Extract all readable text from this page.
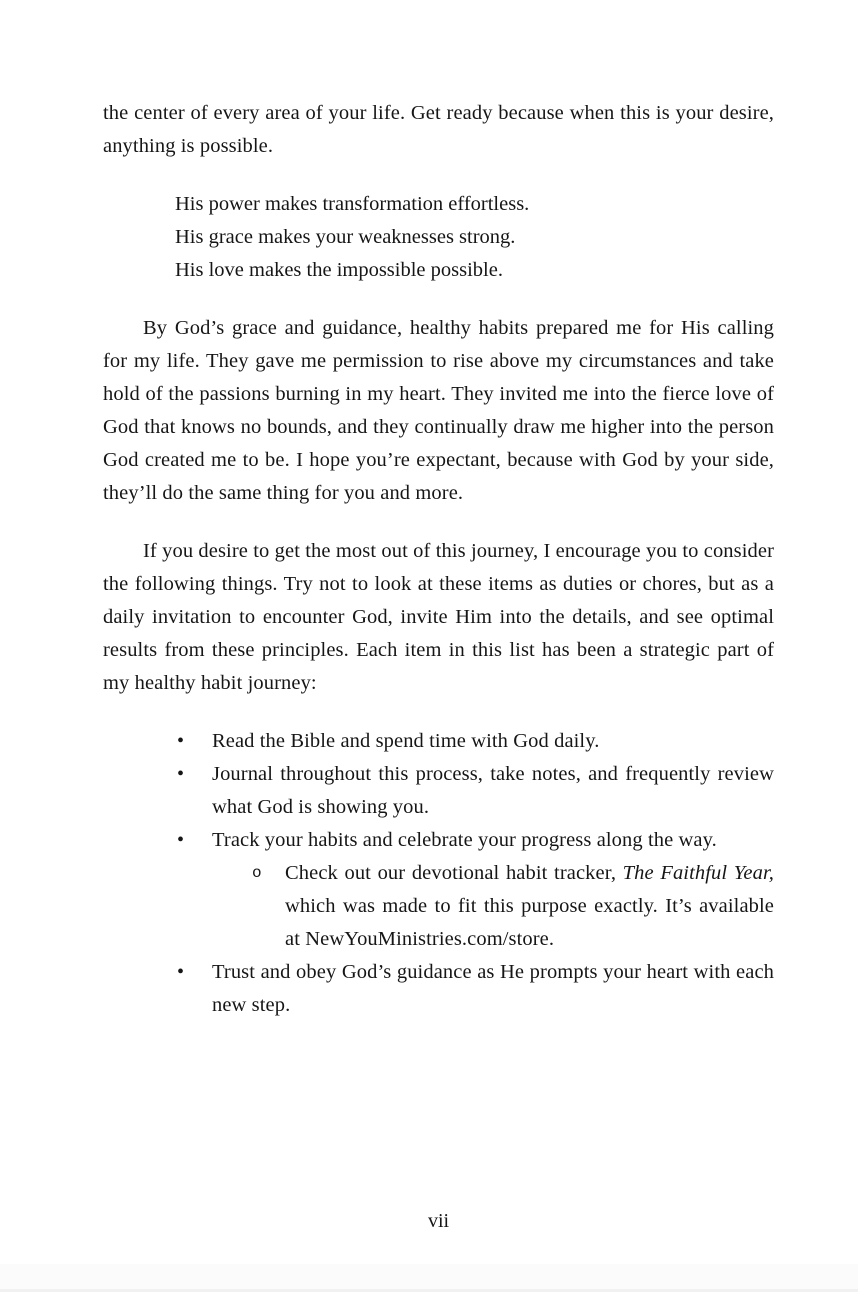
the center of every area of your life. Get ready because when this is your desire, anything is possible.

His power makes transformation effortless.
His grace makes your weaknesses strong.
His love makes the impossible possible.

By God’s grace and guidance, healthy habits prepared me for His calling for my life. They gave me permission to rise above my circumstances and take hold of the passions burning in my heart. They invited me into the fierce love of God that knows no bounds, and they continually draw me higher into the person God created me to be. I hope you’re expectant, because with God by your side, they’ll do the same thing for you and more.

If you desire to get the most out of this journey, I encourage you to consider the following things. Try not to look at these items as duties or chores, but as a daily invitation to encounter God, invite Him into the details, and see optimal results from these principles. Each item in this list has been a strategic part of my healthy habit journey:

• Read the Bible and spend time with God daily.
• Journal throughout this process, take notes, and frequently review what God is showing you.
• Track your habits and celebrate your progress along the way.
o Check out our devotional habit tracker, The Faithful Year, which was made to fit this purpose exactly. It’s available at NewYouMinistries.com/store.
• Trust and obey God’s guidance as He prompts your heart with each new step.
vii
